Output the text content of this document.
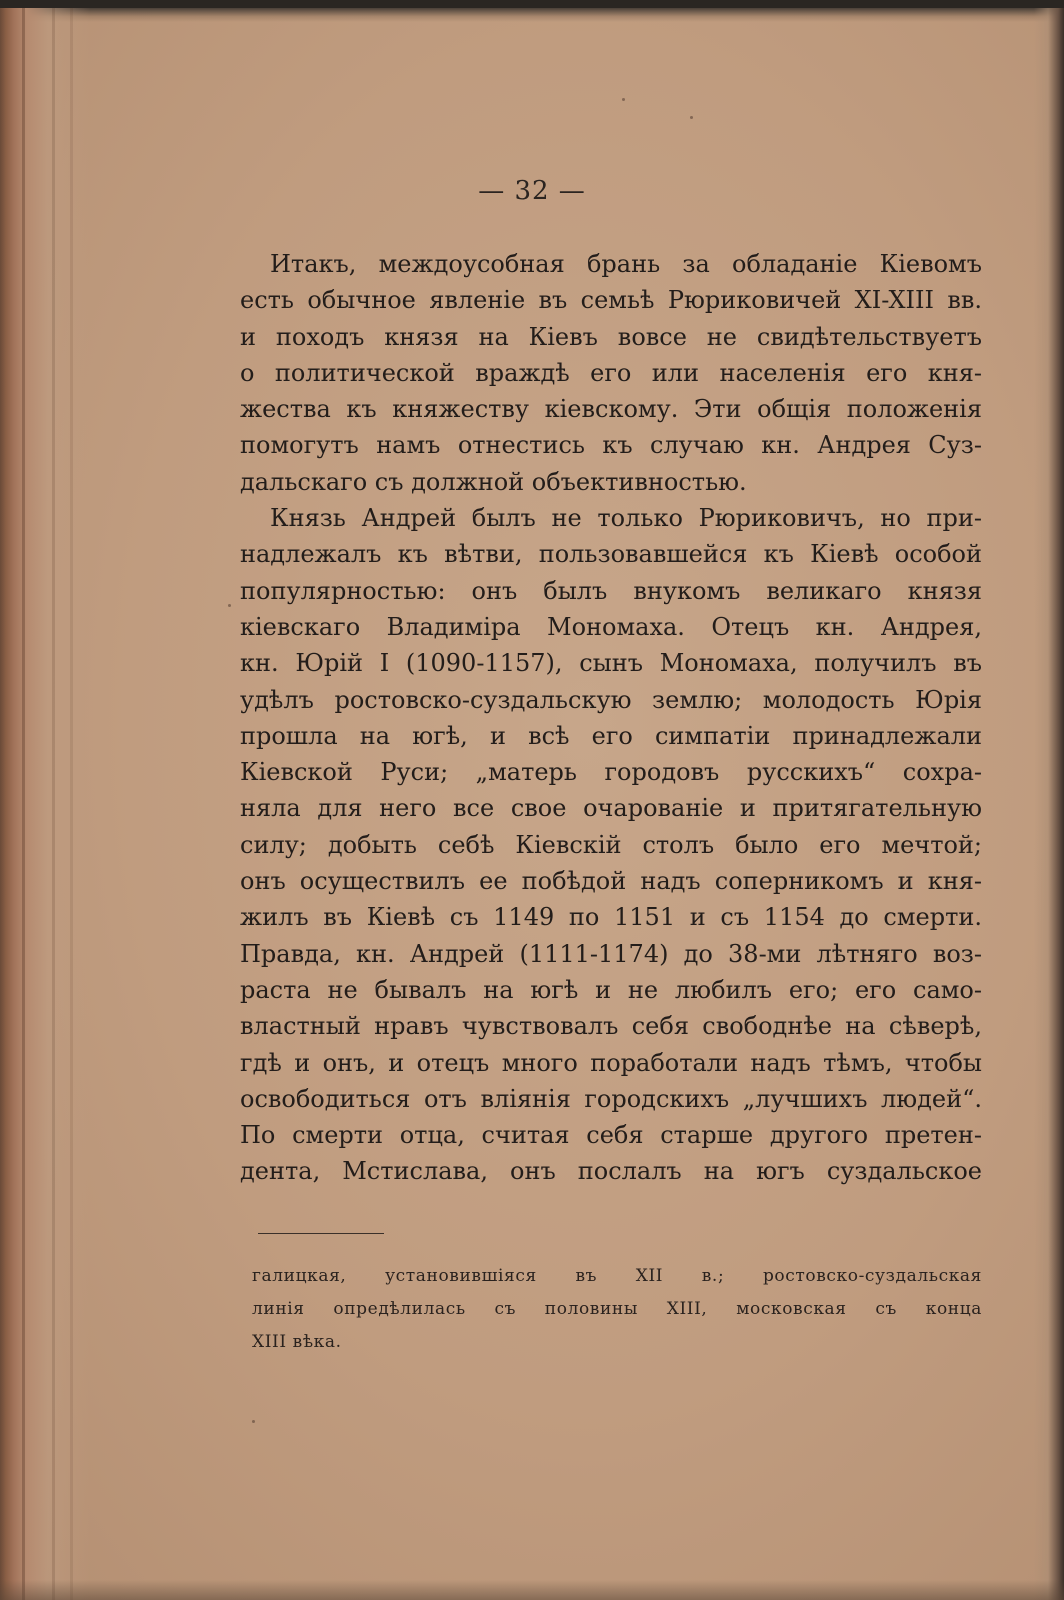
— 32 —

Итакъ, междоусобная брань за обладаніе Кіевомъ
есть обычное явленіе въ семьѣ Рюриковичей XI-XIII вв.
и походъ князя на Кіевъ вовсе не свидѣтельствуетъ
о политической враждѣ его или населенія его кня-
жества къ княжеству кіевскому. Эти общія положенія
помогутъ намъ отнестись къ случаю кн. Андрея Суз-
дальскаго съ должной объективностью.
Князь Андрей былъ не только Рюриковичъ, но при-
надлежалъ къ вѣтви, пользовавшейся къ Кіевѣ особой
популярностью: онъ былъ внукомъ великаго князя
кіевскаго Владиміра Мономаха. Отецъ кн. Андрея,
кн. Юрій I (1090-1157), сынъ Мономаха, получилъ въ
удѣлъ ростовско-суздальскую землю; молодость Юрія
прошла на югѣ, и всѣ его симпатіи принадлежали
Кіевской Руси; „матерь городовъ русскихъ“ сохра-
няла для него все свое очарованіе и притягательную
силу; добыть себѣ Кіевскій столъ было его мечтой;
онъ осуществилъ ее побѣдой надъ соперникомъ и кня-
жилъ въ Кіевѣ съ 1149 по 1151 и съ 1154 до смерти.
Правда, кн. Андрей (1111-1174) до 38-ми лѣтняго воз-
раста не бывалъ на югѣ и не любилъ его; его само-
властный нравъ чувствовалъ себя свободнѣе на сѣверѣ,
гдѣ и онъ, и отецъ много поработали надъ тѣмъ, чтобы
освободиться отъ вліянія городскихъ „лучшихъ людей“.
По смерти отца, считая себя старше другого претен-
дента, Мстислава, онъ послалъ на югъ суздальское
галицкая, установившіяся въ XII в.; ростовско-суздальская
линія опредѣлилась съ половины XIII, московская съ конца
XIII вѣка.
